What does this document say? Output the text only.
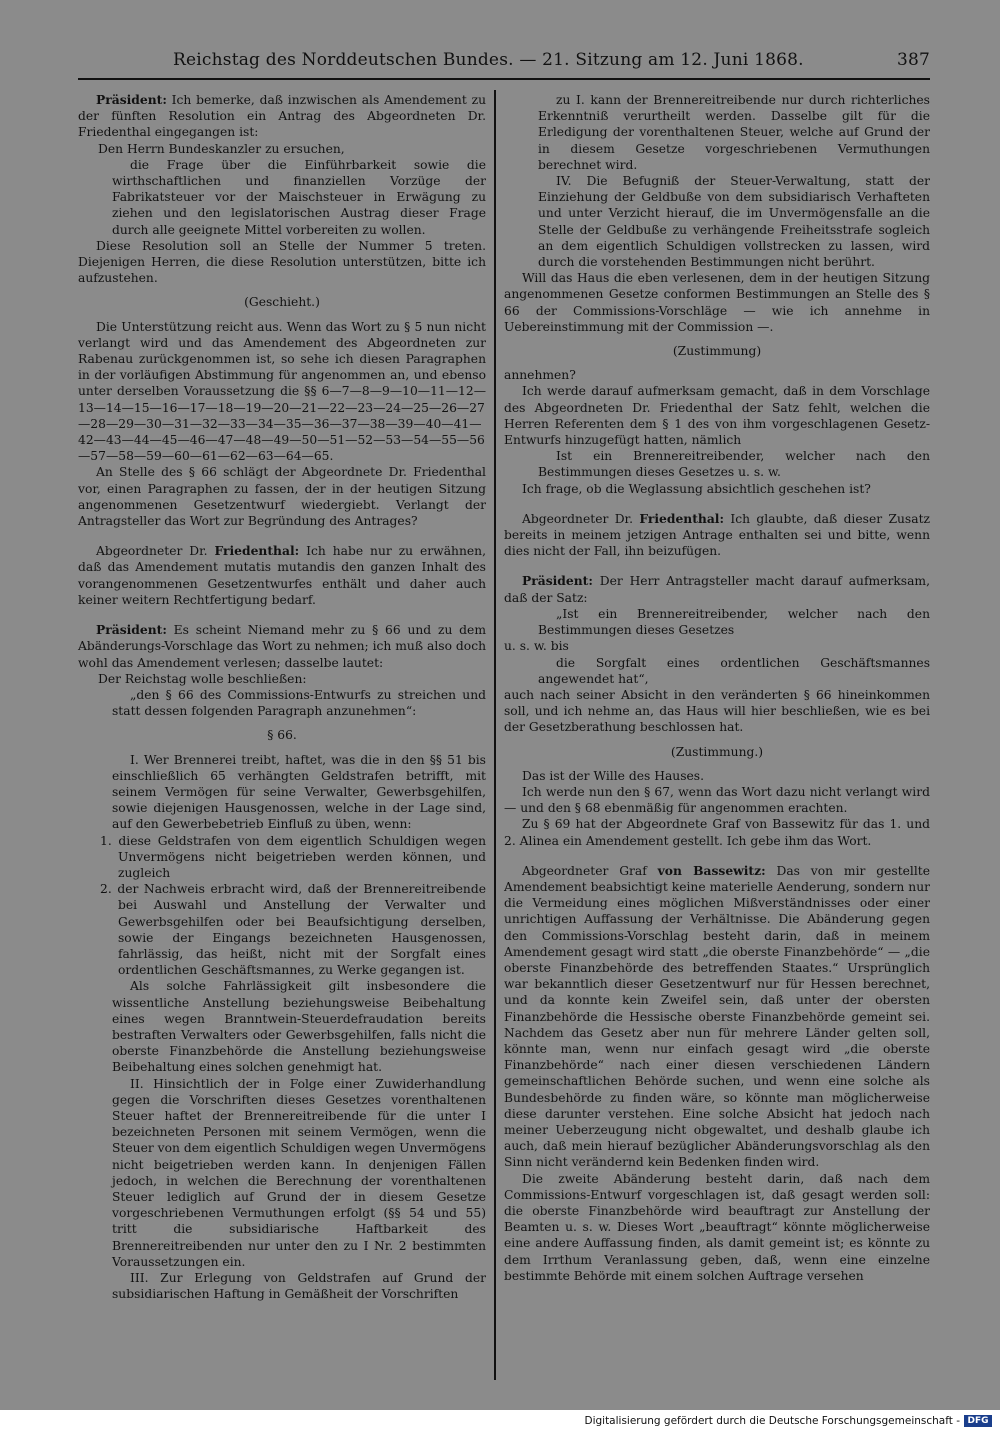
Reichstag des Norddeutschen Bundes. — 21. Sitzung am 12. Juni 1868.	387

Präsident: Ich bemerke, daß inzwischen als Amendement zu der fünften Resolution ein Antrag des Abgeordneten Dr. Friedenthal eingegangen ist:

Den Herrn Bundeskanzler zu ersuchen,

die Frage über die Einführbarkeit sowie die wirthschaftlichen und finanziellen Vorzüge der Fabrikatsteuer vor der Maischsteuer in Erwägung zu ziehen und den legislatorischen Austrag dieser Frage durch alle geeignete Mittel vorbereiten zu wollen.

Diese Resolution soll an Stelle der Nummer 5 treten. Diejenigen Herren, die diese Resolution unterstützen, bitte ich aufzustehen.

(Geschieht.)

Die Unterstützung reicht aus. Wenn das Wort zu § 5 nun nicht verlangt wird und das Amendement des Abgeordneten zur Rabenau zurückgenommen ist, so sehe ich diesen Paragraphen in der vorläufigen Abstimmung für angenommen an, und ebenso unter derselben Voraussetzung die §§ 6—7—8—9—10—11—12—13—14—15—16—17—18—19—20—21—22—23—24—25—26—27—28—29—30—31—32—33—34—35—36—37—38—39—40—41—42—43—44—45—46—47—48—49—50—51—52—53—54—55—56—57—58—59—60—61—62—63—64—65.

An Stelle des § 66 schlägt der Abgeordnete Dr. Friedenthal vor, einen Paragraphen zu fassen, der in der heutigen Sitzung angenommenen Gesetzentwurf wiedergiebt. Verlangt der Antragsteller das Wort zur Begründung des Antrages?

Abgeordneter Dr. Friedenthal: Ich habe nur zu erwähnen, daß das Amendement mutatis mutandis den ganzen Inhalt des vorangenommenen Gesetzentwurfes enthält und daher auch keiner weitern Rechtfertigung bedarf.

Präsident: Es scheint Niemand mehr zu § 66 und zu dem Abänderungs-Vorschlage das Wort zu nehmen; ich muß also doch wohl das Amendement verlesen; dasselbe lautet:

Der Reichstag wolle beschließen:

„den § 66 des Commissions-Entwurfs zu streichen und statt dessen folgenden Paragraph anzunehmen“:

§ 66.

I. Wer Brennerei treibt, haftet, was die in den §§ 51 bis einschließlich 65 verhängten Geldstrafen betrifft, mit seinem Vermögen für seine Verwalter, Gewerbsgehilfen, sowie diejenigen Hausgenossen, welche in der Lage sind, auf den Gewerbebetrieb Einfluß zu üben, wenn:

1. diese Geldstrafen von dem eigentlich Schuldigen wegen Unvermögens nicht beigetrieben werden können, und zugleich

2. der Nachweis erbracht wird, daß der Brennereitreibende bei Auswahl und Anstellung der Verwalter und Gewerbsgehilfen oder bei Beaufsichtigung derselben, sowie der Eingangs bezeichneten Hausgenossen, fahrlässig, das heißt, nicht mit der Sorgfalt eines ordentlichen Geschäftsmannes, zu Werke gegangen ist.

Als solche Fahrlässigkeit gilt insbesondere die wissentliche Anstellung beziehungsweise Beibehaltung eines wegen Branntwein-Steuerdefraudation bereits bestraften Verwalters oder Gewerbsgehilfen, falls nicht die oberste Finanzbehörde die Anstellung beziehungsweise Beibehaltung eines solchen genehmigt hat.

II. Hinsichtlich der in Folge einer Zuwiderhandlung gegen die Vorschriften dieses Gesetzes vorenthaltenen Steuer haftet der Brennereitreibende für die unter I bezeichneten Personen mit seinem Vermögen, wenn die Steuer von dem eigentlich Schuldigen wegen Unvermögens nicht beigetrieben werden kann. In denjenigen Fällen jedoch, in welchen die Berechnung der vorenthaltenen Steuer lediglich auf Grund der in diesem Gesetze vorgeschriebenen Vermuthungen erfolgt (§§ 54 und 55) tritt die subsidiarische Haftbarkeit des Brennereitreibenden nur unter den zu I Nr. 2 bestimmten Voraussetzungen ein.

III. Zur Erlegung von Geldstrafen auf Grund der subsidiarischen Haftung in Gemäßheit der Vorschriften

zu I. kann der Brennereitreibende nur durch richterliches Erkenntniß verurtheilt werden. Dasselbe gilt für die Erledigung der vorenthaltenen Steuer, welche auf Grund der in diesem Gesetze vorgeschriebenen Vermuthungen berechnet wird.

IV. Die Befugniß der Steuer-Verwaltung, statt der Einziehung der Geldbuße von dem subsidiarisch Verhafteten und unter Verzicht hierauf, die im Unvermögensfalle an die Stelle der Geldbuße zu verhängende Freiheitsstrafe sogleich an dem eigentlich Schuldigen vollstrecken zu lassen, wird durch die vorstehenden Bestimmungen nicht berührt.

Will das Haus die eben verlesenen, dem in der heutigen Sitzung angenommenen Gesetze conformen Bestimmungen an Stelle des § 66 der Commissions-Vorschläge — wie ich annehme in Uebereinstimmung mit der Commission —.

(Zustimmung)

annehmen?

Ich werde darauf aufmerksam gemacht, daß in dem Vorschlage des Abgeordneten Dr. Friedenthal der Satz fehlt, welchen die Herren Referenten dem § 1 des von ihm vorgeschlagenen Gesetz-Entwurfs hinzugefügt hatten, nämlich

Ist ein Brennereitreibender, welcher nach den Bestimmungen dieses Gesetzes u. s. w.

Ich frage, ob die Weglassung absichtlich geschehen ist?

Abgeordneter Dr. Friedenthal: Ich glaubte, daß dieser Zusatz bereits in meinem jetzigen Antrage enthalten sei und bitte, wenn dies nicht der Fall, ihn beizufügen.

Präsident: Der Herr Antragsteller macht darauf aufmerksam, daß der Satz:

„Ist ein Brennereitreibender, welcher nach den Bestimmungen dieses Gesetzes

u. s. w. bis

die Sorgfalt eines ordentlichen Geschäftsmannes angewendet hat“,

auch nach seiner Absicht in den veränderten § 66 hineinkommen soll, und ich nehme an, das Haus will hier beschließen, wie es bei der Gesetzberathung beschlossen hat.

(Zustimmung.)

Das ist der Wille des Hauses.

Ich werde nun den § 67, wenn das Wort dazu nicht verlangt wird — und den § 68 ebenmäßig für angenommen erachten.

Zu § 69 hat der Abgeordnete Graf von Bassewitz für das 1. und 2. Alinea ein Amendement gestellt. Ich gebe ihm das Wort.

Abgeordneter Graf von Bassewitz: Das von mir gestellte Amendement beabsichtigt keine materielle Aenderung, sondern nur die Vermeidung eines möglichen Mißverständnisses oder einer unrichtigen Auffassung der Verhältnisse. Die Abänderung gegen den Commissions-Vorschlag besteht darin, daß in meinem Amendement gesagt wird statt „die oberste Finanzbehörde“ — „die oberste Finanzbehörde des betreffenden Staates.“ Ursprünglich war bekanntlich dieser Gesetzentwurf nur für Hessen berechnet, und da konnte kein Zweifel sein, daß unter der obersten Finanzbehörde die Hessische oberste Finanzbehörde gemeint sei. Nachdem das Gesetz aber nun für mehrere Länder gelten soll, könnte man, wenn nur einfach gesagt wird „die oberste Finanzbehörde“ nach einer diesen verschiedenen Ländern gemeinschaftlichen Behörde suchen, und wenn eine solche als Bundesbehörde zu finden wäre, so könnte man möglicherweise diese darunter verstehen. Eine solche Absicht hat jedoch nach meiner Ueberzeugung nicht obgewaltet, und deshalb glaube ich auch, daß mein hierauf bezüglicher Abänderungsvorschlag als den Sinn nicht verändernd kein Bedenken finden wird.

Die zweite Abänderung besteht darin, daß nach dem Commissions-Entwurf vorgeschlagen ist, daß gesagt werden soll: die oberste Finanzbehörde wird beauftragt zur Anstellung der Beamten u. s. w. Dieses Wort „beauftragt“ könnte möglicherweise eine andere Auffassung finden, als damit gemeint ist; es könnte zu dem Irrthum Veranlassung geben, daß, wenn eine einzelne bestimmte Behörde mit einem solchen Auftrage versehen

Digitalisierung gefördert durch die Deutsche Forschungsgemeinschaft - DFG
